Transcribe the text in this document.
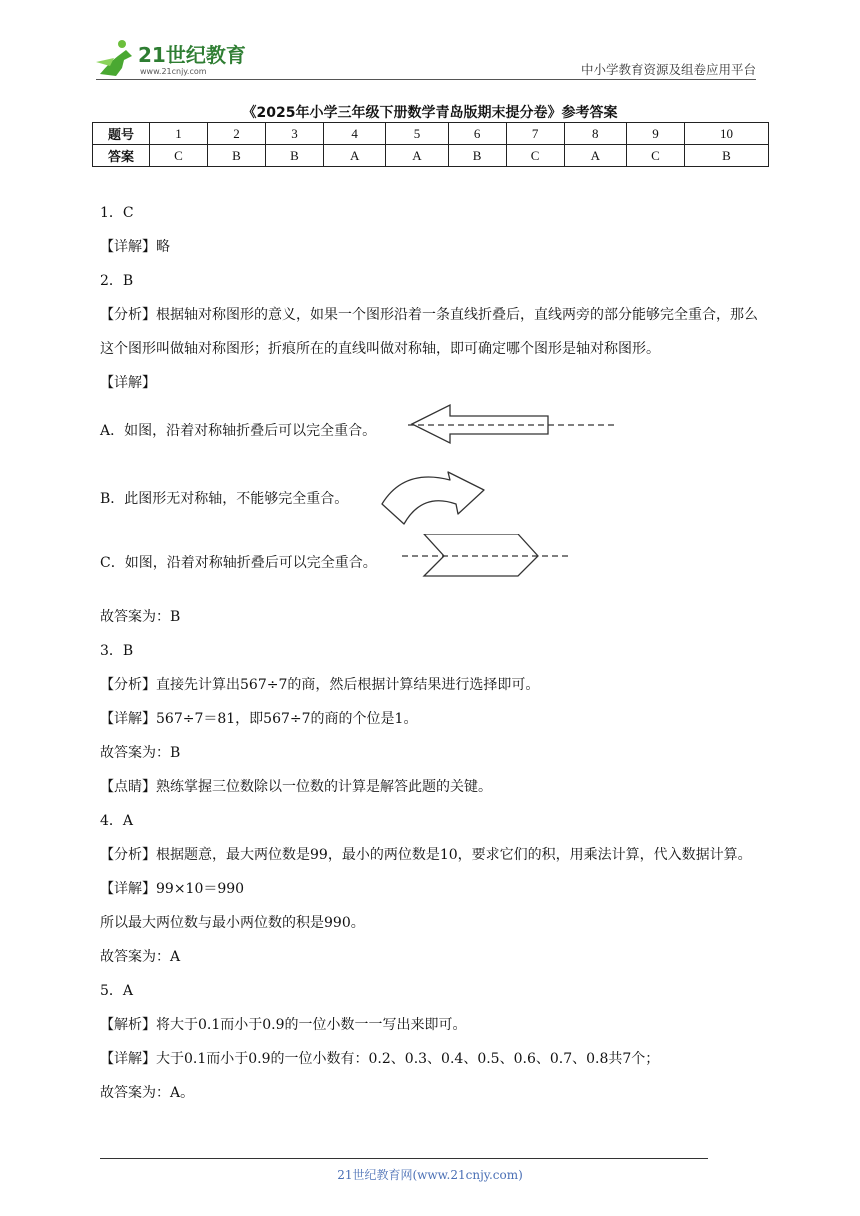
21世纪教育
www.21cnjy.com	中小学教育资源及组卷应用平台
《2025年小学三年级下册数学青岛版期末提分卷》参考答案
题号	1	2	3	4	5	6	7	8	9	10
答案	C	B	B	A	A	B	C	A	C	B

1．C

【详解】略

2．B

【分析】根据轴对称图形的意义，如果一个图形沿着一条直线折叠后，直线两旁的部分能够完全重合，那么这个图形叫做轴对称图形；折痕所在的直线叫做对称轴，即可确定哪个图形是轴对称图形。

【详解】

A．如图，沿着对称轴折叠后可以完全重合。
B．此图形无对称轴，不能够完全重合。
C．如图，沿着对称轴折叠后可以完全重合。

故答案为：B

3．B

【分析】直接先计算出567÷7的商，然后根据计算结果进行选择即可。

【详解】567÷7＝81，即567÷7的商的个位是1。

故答案为：B

【点睛】熟练掌握三位数除以一位数的计算是解答此题的关键。

4．A

【分析】根据题意，最大两位数是99，最小的两位数是10，要求它们的积，用乘法计算，代入数据计算。

【详解】99×10＝990

所以最大两位数与最小两位数的积是990。

故答案为：A

5．A

【解析】将大于0.1而小于0.9的一位小数一一写出来即可。

【详解】大于0.1而小于0.9的一位小数有：0.2、0.3、0.4、0.5、0.6、0.7、0.8共7个；

故答案为：A。

21世纪教育网(www.21cnjy.com)
